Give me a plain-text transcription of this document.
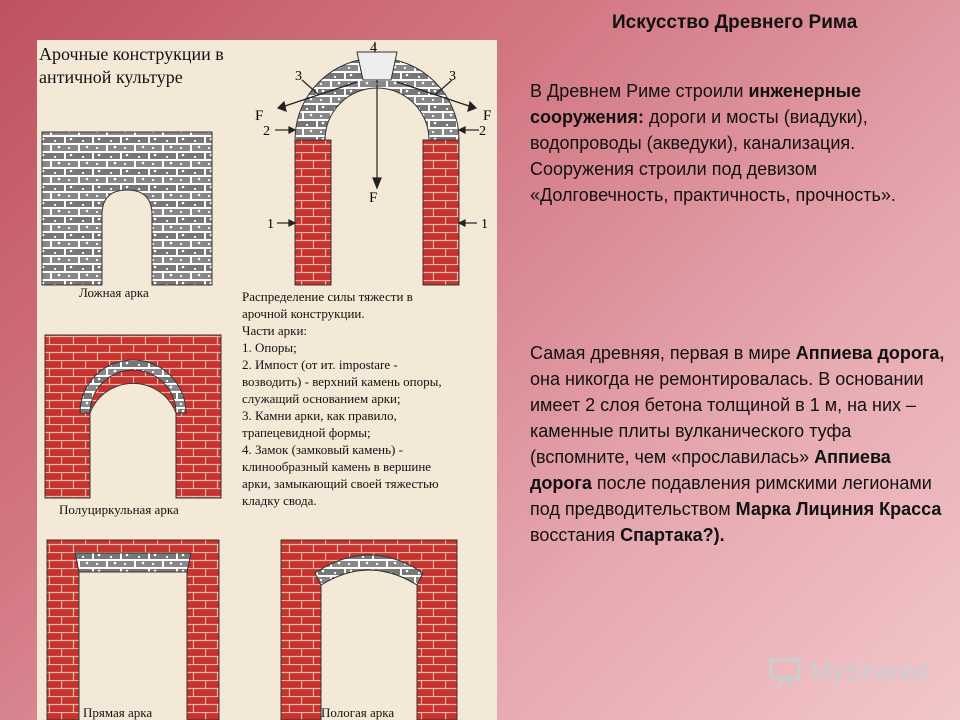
Искусство Древнего Рима
4
3	3
F	F
2	2
F
1	1
Арочные конструкции в
античной культуре
Ложная арка
Полуциркульная арка
Прямая арка	Пологая арка
Распределение силы тяжести в
арочной конструкции.
Части арки:
1. Опоры;
2. Импост (от ит. impostare -
возводить) - верхний камень опоры,
служащий основанием арки;
3. Камни арки, как правило,
трапецевидной формы;
4. Замок (замковый камень) -
клинообразный камень в вершине
арки, замыкающий своей тяжестью
кладку свода.
В Древнем Риме строили инженерные сооружения: дороги и мосты (виадуки), водопроводы (акведуки), канализация. Сооружения строили под девизом «Долговечность, практичность, прочность».
Самая древняя, первая в мире Аппиева дорога, она никогда не ремонтировалась. В основании имеет 2 слоя бетона толщиной в 1 м, на них – каменные плиты вулканического туфа (вспомните, чем «прославилась» Аппиева дорога после подавления римскими легионами под предводительством Марка Лициния Красса восстания Спартака?).
MyShared
